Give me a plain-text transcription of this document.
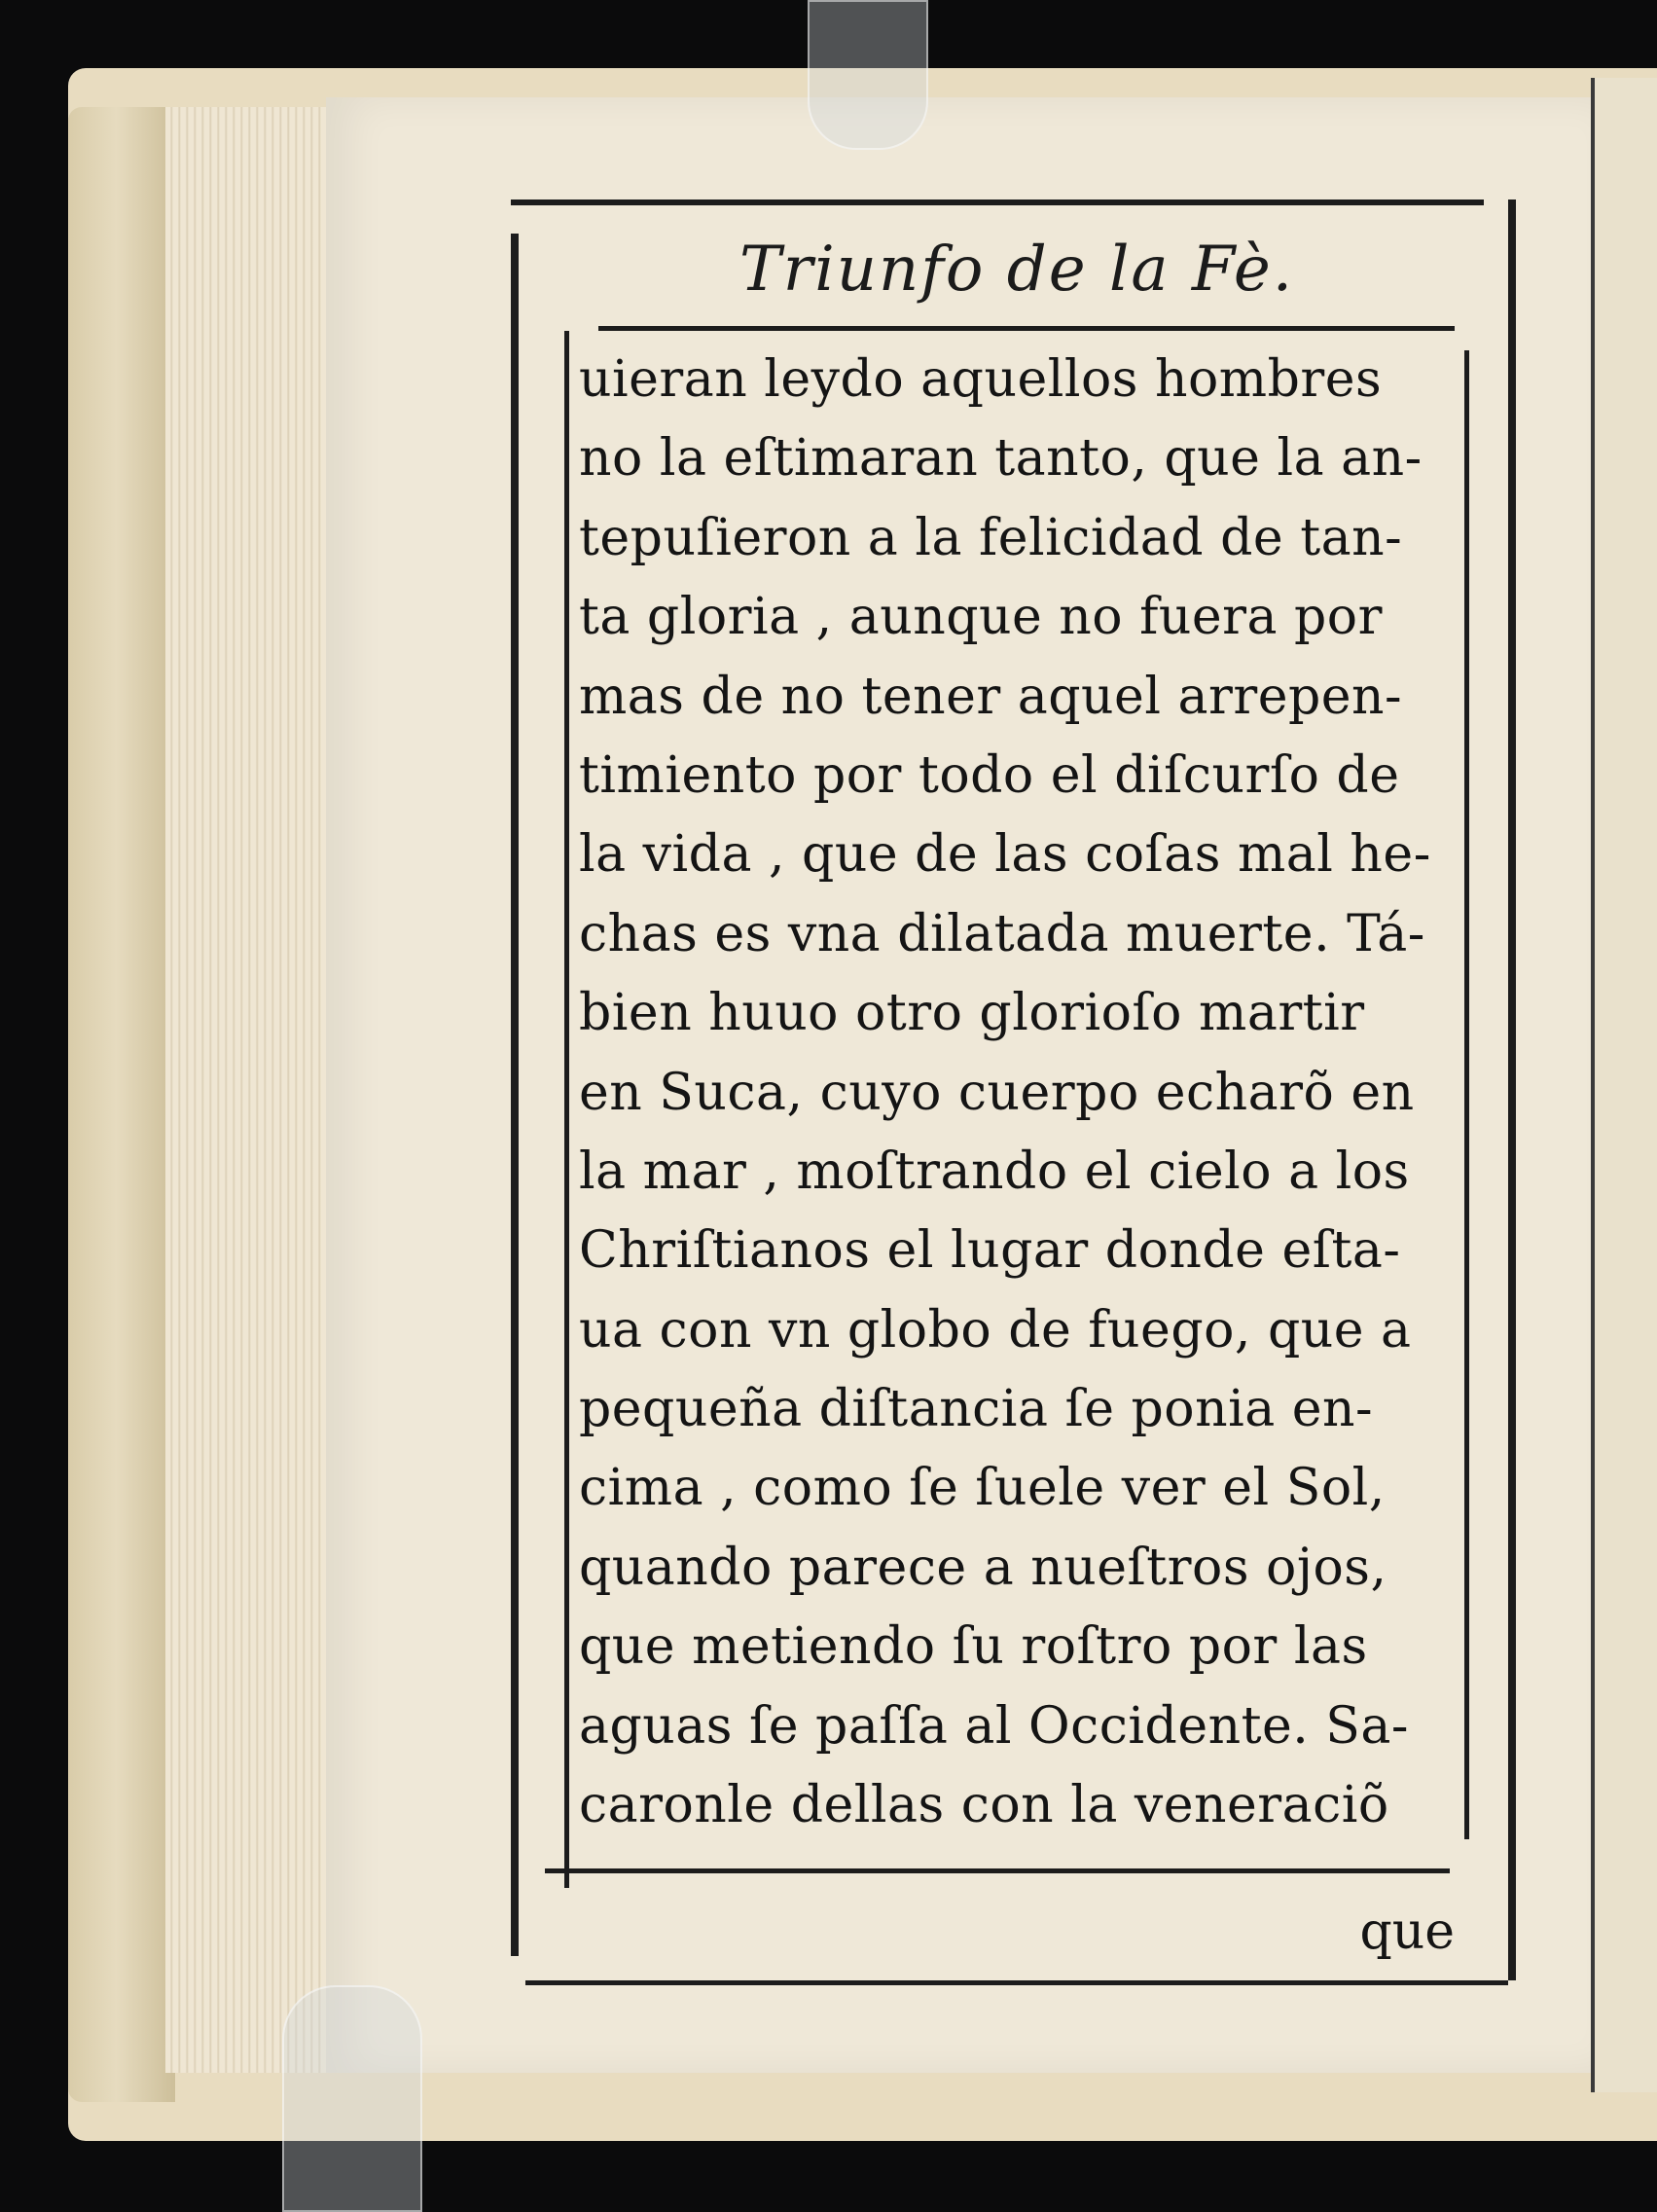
Triunfo de la Fè.
uieran leydo aquellos hombres
no la eſtimaran tanto, que la an-
tepuſieron a la felicidad de tan-
ta gloria , aunque no fuera por
mas de no tener aquel arrepen-
timiento por todo el diſcurſo de
la vida , que de las coſas mal he-
chas es vna dilatada muerte. Tá-
bien huuo otro glorioſo martir
en Suca, cuyo cuerpo echarõ en
la mar , moſtrando el cielo a los
Chriſtianos el lugar donde eſta-
ua con vn globo de fuego, que a
pequeña diſtancia ſe ponia en-
cima , como ſe ſuele ver el Sol,
quando parece a nueſtros ojos,
que metiendo ſu roſtro por las
aguas ſe paſſa al Occidente. Sa-
caronle dellas con la veneraciõ
que
